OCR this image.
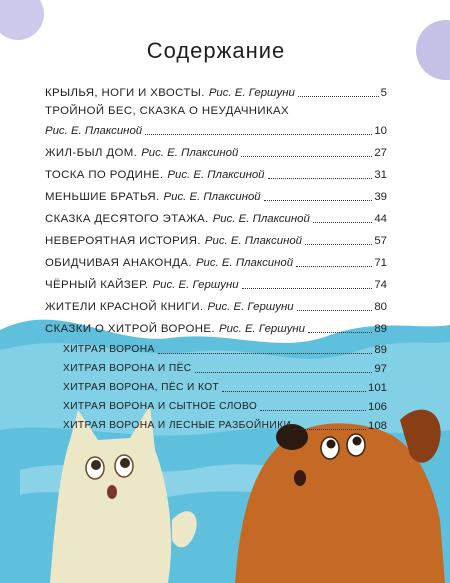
Содержание
КРЫЛЬЯ, НОГИ И ХВОСТЫ. Рис. Е. Гершуни	5
ТРОЙНОЙ БЕС, СКАЗКА О НЕУДАЧНИКАХ
Рис. Е. Плаксиной	10
ЖИЛ-БЫЛ ДОМ. Рис. Е. Плаксиной	27
ТОСКА ПО РОДИНЕ. Рис. Е. Плаксиной	31
МЕНЬШИЕ БРАТЬЯ. Рис. Е. Плаксиной	39
СКАЗКА ДЕСЯТОГО ЭТАЖА. Рис. Е. Плаксиной	44
НЕВЕРОЯТНАЯ ИСТОРИЯ. Рис. Е. Плаксиной	57
ОБИДЧИВАЯ АНАКОНДА. Рис. Е. Плаксиной	71
ЧЁРНЫЙ КАЙЗЕР. Рис. Е. Гершуни	74
ЖИТЕЛИ КРАСНОЙ КНИГИ. Рис. Е. Гершуни	80
СКАЗКИ О ХИТРОЙ ВОРОНЕ. Рис. Е. Гершуни	89
ХИТРАЯ ВОРОНА	89
ХИТРАЯ ВОРОНА И ПЁС	97
ХИТРАЯ ВОРОНА, ПЁС И КОТ	101
ХИТРАЯ ВОРОНА И СЫТНОЕ СЛОВО	106
ХИТРАЯ ВОРОНА И ЛЕСНЫЕ РАЗБОЙНИКИ	108
